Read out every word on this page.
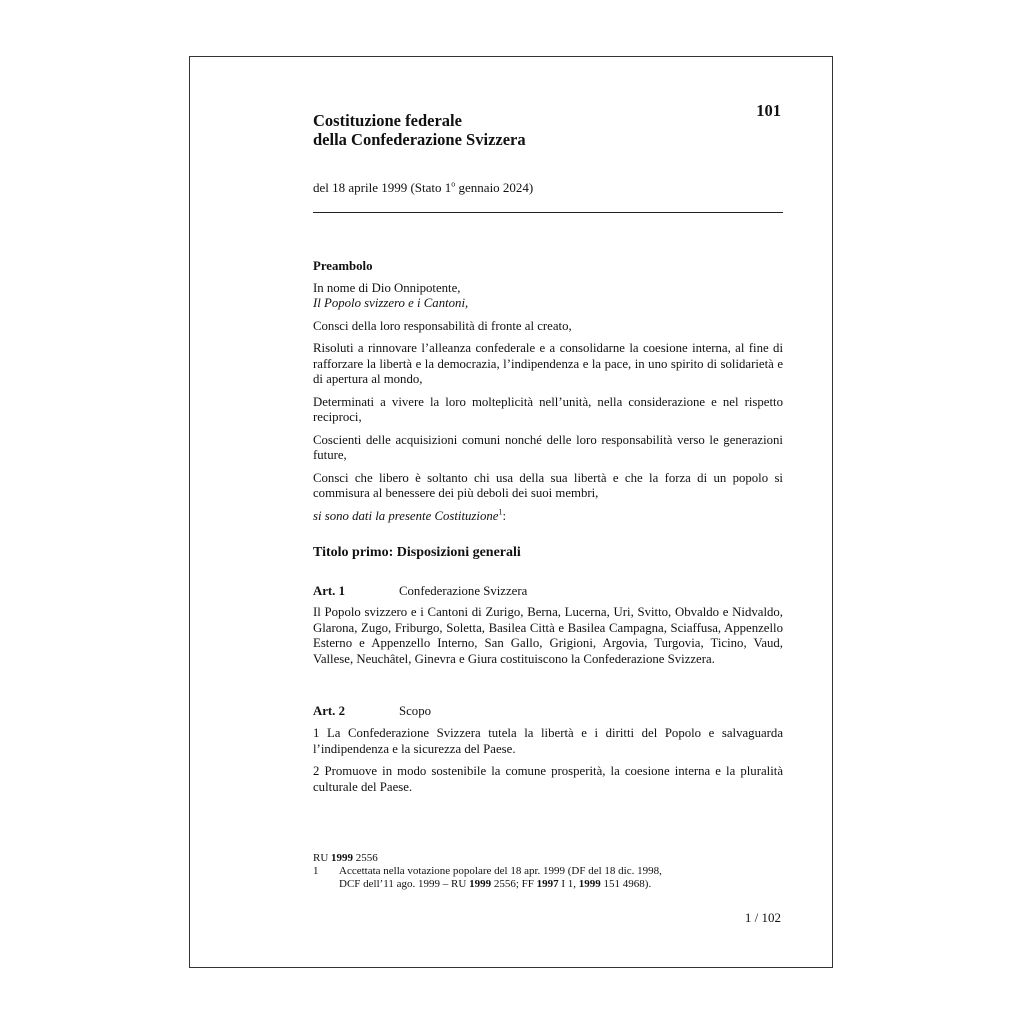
Costituzione federale
della Confederazione Svizzera
101
del 18 aprile 1999 (Stato 1$^o$ gennaio 2024)

Preambolo

In nome di Dio Onnipotente,

Il Popolo svizzero e i Cantoni,

Consci della loro responsabilità di fronte al creato,

Risoluti a rinnovare l’alleanza confederale e a consolidarne la coesione interna, al fine di rafforzare la libertà e la democrazia, l’indipendenza e la pace, in uno spirito di solidarietà e di apertura al mondo,

Determinati a vivere la loro molteplicità nell’unità, nella considerazione e nel rispetto reciproci,

Coscienti delle acquisizioni comuni nonché delle loro responsabilità verso le generazioni future,

Consci che libero è soltanto chi usa della sua libertà e che la forza di un popolo si commisura al benessere dei più deboli dei suoi membri,

si sono dati la presente Costituzione$^1$:

Titolo primo: Disposizioni generali
Art. 1	Confederazione Svizzera

Il Popolo svizzero e i Cantoni di Zurigo, Berna, Lucerna, Uri, Svitto, Obvaldo e Nidvaldo, Glarona, Zugo, Friburgo, Soletta, Basilea Città e Basilea Campagna, Sciaffusa, Appenzello Esterno e Appenzello Interno, San Gallo, Grigioni, Argovia, Turgovia, Ticino, Vaud, Vallese, Neuchâtel, Ginevra e Giura costituiscono la Confederazione Svizzera.

Art. 2	Scopo

1 La Confederazione Svizzera tutela la libertà e i diritti del Popolo e salvaguarda l’indipendenza e la sicurezza del Paese.

2 Promuove in modo sostenibile la comune prosperità, la coesione interna e la pluralità culturale del Paese.

RU 1999 2556
1	Accettata nella votazione popolare del 18 apr. 1999 (DF del 18 dic. 1998,
DCF dell’11 ago. 1999 – RU 1999 2556; FF 1997 I 1, 1999 151 4968).
1 / 102
